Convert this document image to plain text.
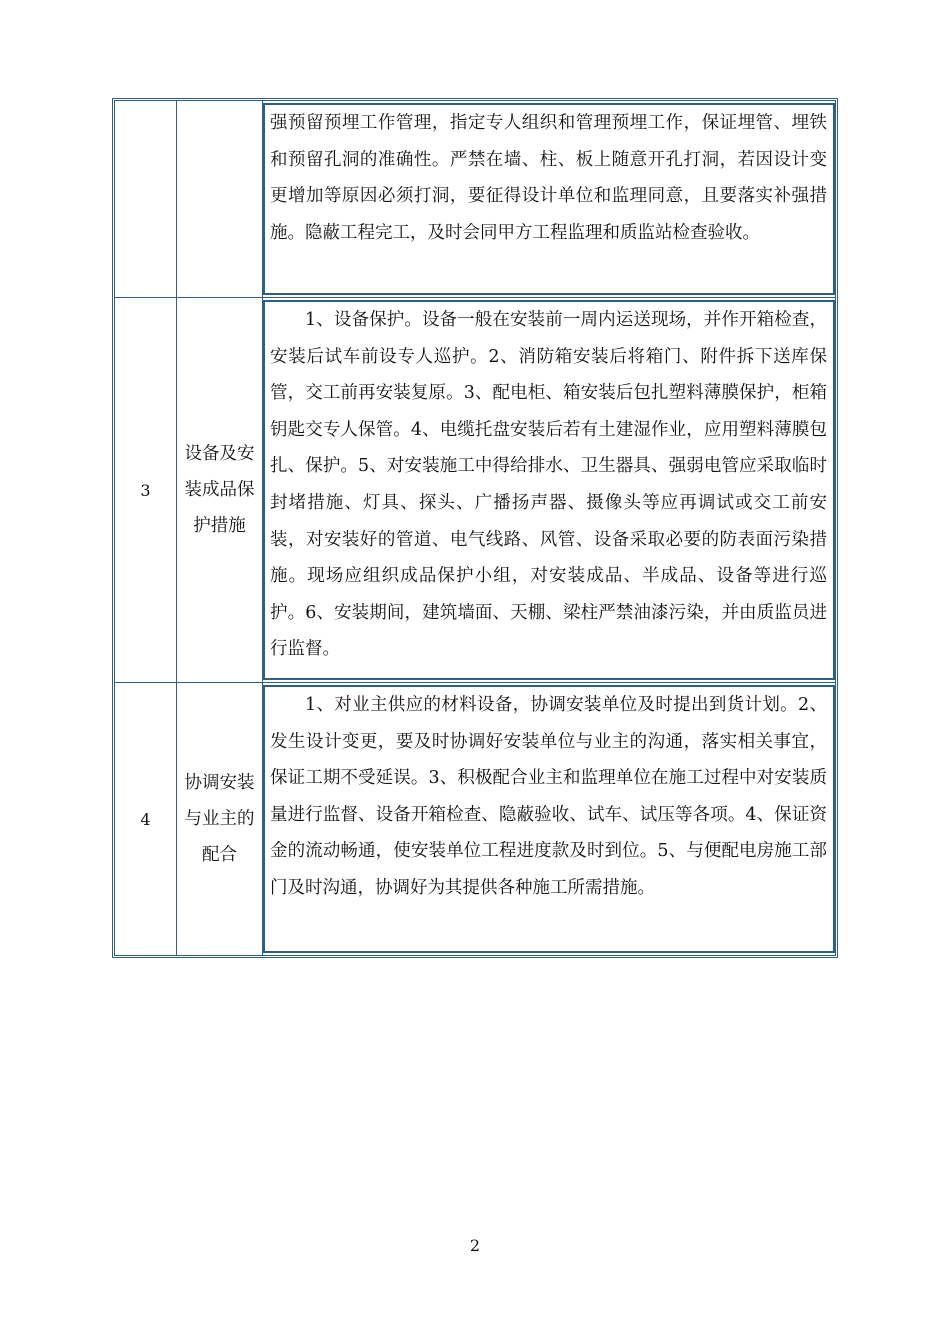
强预留预埋工作管理，指定专人组织和管理预埋工作，保证埋管、埋铁和预留孔洞的准确性。严禁在墙、柱、板上随意开孔打洞，若因设计变更增加等原因必须打洞，要征得设计单位和监理同意，且要落实补强措施。隐蔽工程完工，及时会同甲方工程监理和质监站检查验收。
3
设备及安装成品保护措施
1、设备保护。设备一般在安装前一周内运送现场，并作开箱检查，安装后试车前设专人巡护。2、消防箱安装后将箱门、附件拆下送库保管，交工前再安装复原。3、配电柜、箱安装后包扎塑料薄膜保护，柜箱钥匙交专人保管。4、电缆托盘安装后若有土建湿作业，应用塑料薄膜包扎、保护。5、对安装施工中得给排水、卫生器具、强弱电管应采取临时封堵措施、灯具、探头、广播扬声器、摄像头等应再调试或交工前安装，对安装好的管道、电气线路、风管、设备采取必要的防表面污染措施。现场应组织成品保护小组，对安装成品、半成品、设备等进行巡护。6、安装期间，建筑墙面、天棚、梁柱严禁油漆污染，并由质监员进行监督。
4
协调安装与业主的配合
1、对业主供应的材料设备，协调安装单位及时提出到货计划。2、发生设计变更，要及时协调好安装单位与业主的沟通，落实相关事宜，保证工期不受延误。3、积极配合业主和监理单位在施工过程中对安装质量进行监督、设备开箱检查、隐蔽验收、试车、试压等各项。4、保证资金的流动畅通，使安装单位工程进度款及时到位。5、与便配电房施工部门及时沟通，协调好为其提供各种施工所需措施。
2
